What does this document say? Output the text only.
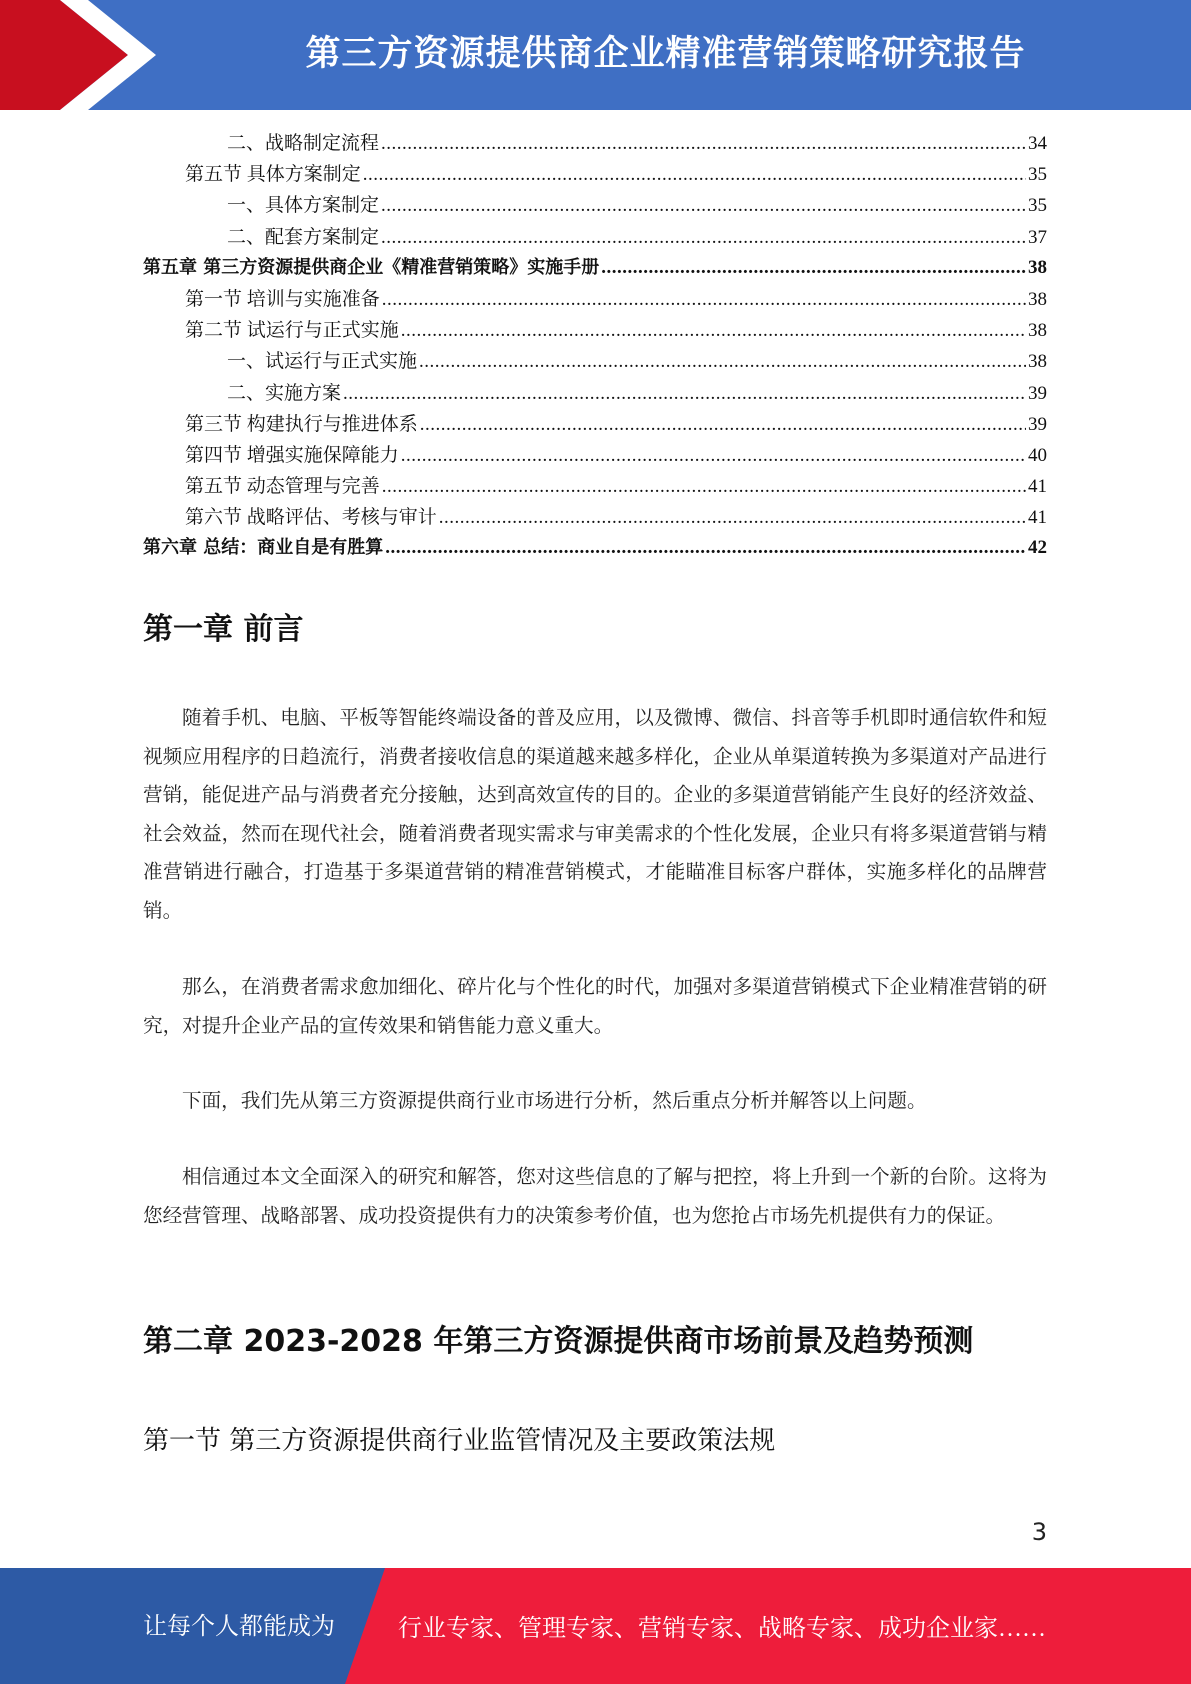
第三方资源提供商企业精准营销策略研究报告
二、战略制定流程 .....	34
第五节 具体方案制定 .....	35
一、具体方案制定 .....	35
二、配套方案制定 .....	37
第五章 第三方资源提供商企业《精准营销策略》实施手册 .....	38
第一节 培训与实施准备 .....	38
第二节 试运行与正式实施 .....	38
一、试运行与正式实施 .....	38
二、实施方案 .....	39
第三节 构建执行与推进体系 .....	39
第四节 增强实施保障能力 .....	40
第五节 动态管理与完善 .....	41
第六节 战略评估、考核与审计 .....	41
第六章 总结：商业自是有胜算 .....	42
第一章 前言

随着手机、电脑、平板等智能终端设备的普及应用，以及微博、微信、抖音等手机即时通信软件和短视频应用程序的日趋流行，消费者接收信息的渠道越来越多样化，企业从单渠道转换为多渠道对产品进行营销，能促进产品与消费者充分接触，达到高效宣传的目的。企业的多渠道营销能产生良好的经济效益、社会效益，然而在现代社会，随着消费者现实需求与审美需求的个性化发展，企业只有将多渠道营销与精准营销进行融合，打造基于多渠道营销的精准营销模式，才能瞄准目标客户群体，实施多样化的品牌营销。

那么，在消费者需求愈加细化、碎片化与个性化的时代，加强对多渠道营销模式下企业精准营销的研究，对提升企业产品的宣传效果和销售能力意义重大。

下面，我们先从第三方资源提供商行业市场进行分析，然后重点分析并解答以上问题。

相信通过本文全面深入的研究和解答，您对这些信息的了解与把控，将上升到一个新的台阶。这将为您经营管理、战略部署、成功投资提供有力的决策参考价值，也为您抢占市场先机提供有力的保证。

第二章 2023-2028 年第三方资源提供商市场前景及趋势预测
第一节 第三方资源提供商行业监管情况及主要政策法规
3
让每个人都能成为	行业专家、管理专家、营销专家、战略专家、成功企业家……
